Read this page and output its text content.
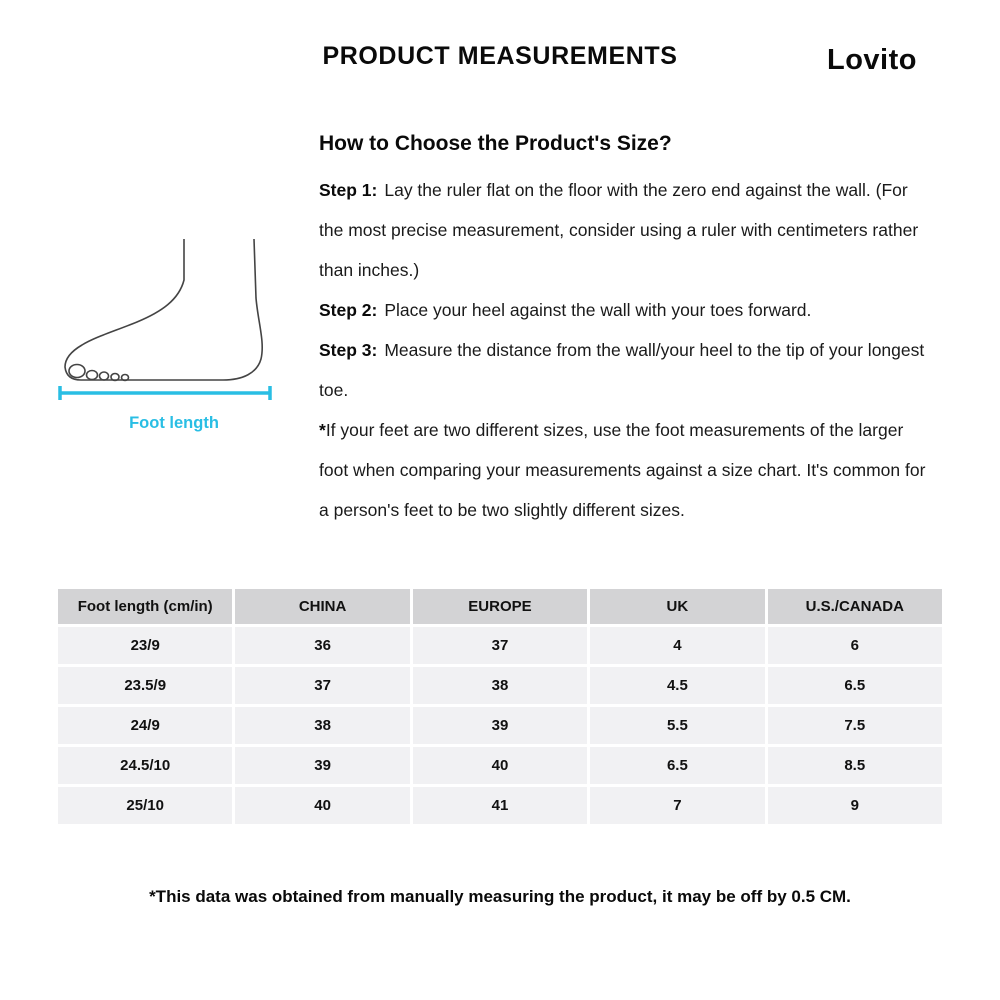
PRODUCT MEASUREMENTS	Lovito
Foot length
How to Choose the Product's Size?

Step 1: Lay the ruler flat on the floor with the zero end against the wall. (For the most precise measurement, consider using a ruler with centimeters rather than inches.)

Step 2: Place your heel against the wall with your toes forward.

Step 3: Measure the distance from the wall/your heel to the tip of your longest toe.

*If your feet are two different sizes, use the foot measurements of the larger foot when comparing your measurements against a size chart. It's common for a person's feet to be two slightly different sizes.

Foot length (cm/in)	CHINA	EUROPE	UK	U.S./CANADA
23/9	36	37	4	6
23.5/9	37	38	4.5	6.5
24/9	38	39	5.5	7.5
24.5/10	39	40	6.5	8.5
25/10	40	41	7	9

*This data was obtained from manually measuring the product, it may be off by 0.5 CM.
